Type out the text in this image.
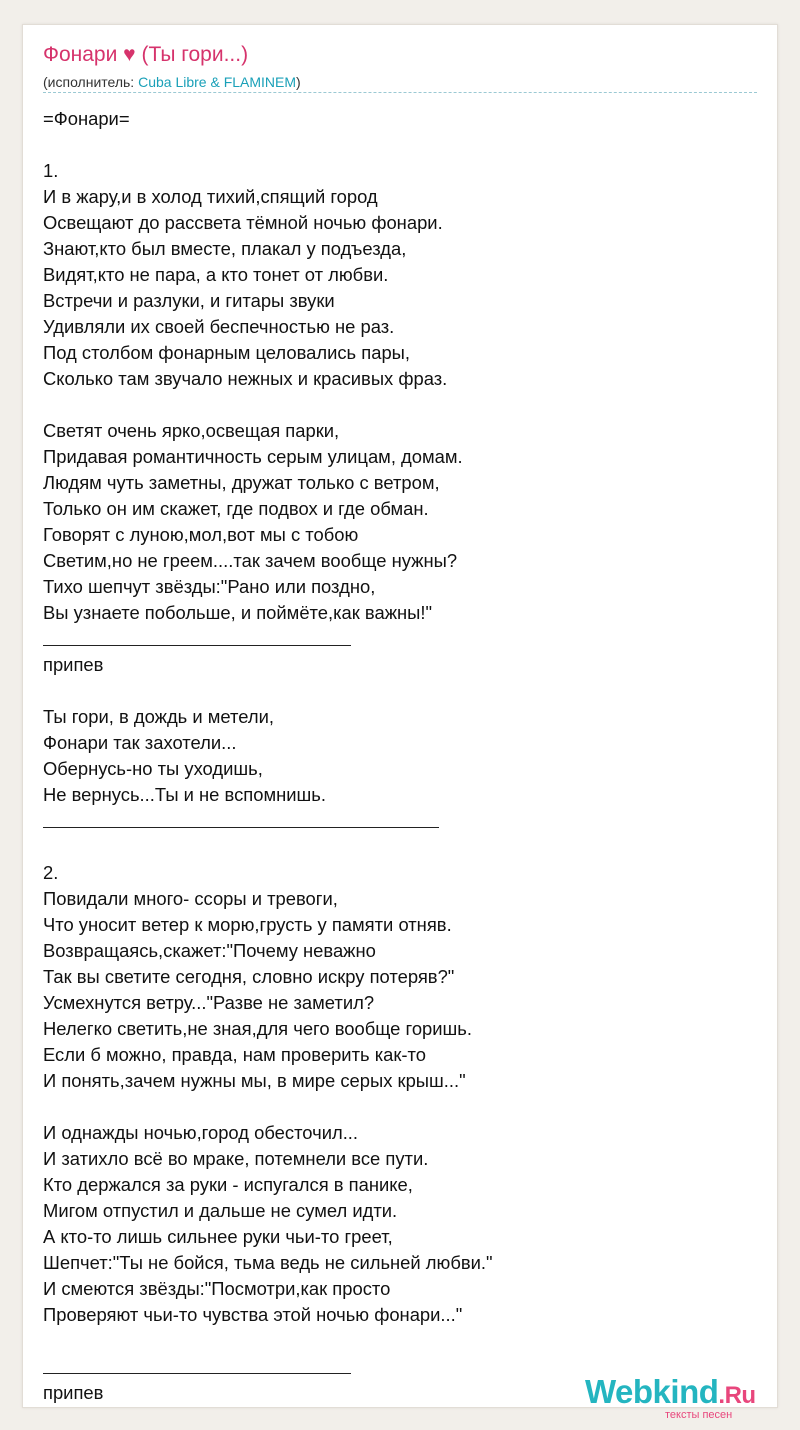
Фонари ♥ (Ты гори...)
(исполнитель: Cuba Libre & FLAMINEM)
=Фонари=
1.
И в жару,и в холод тихий,спящий город
Освещают до рассвета тёмной ночью фонари.
Знают,кто был вместе, плакал у подъезда,
Видят,кто не пара, а кто тонет от любви.
Встречи и разлуки, и гитары звуки
Удивляли их своей беспечностью не раз.
Под столбом фонарным целовались пары,
Сколько там звучало нежных и красивых фраз.
Светят очень ярко,освещая парки,
Придавая романтичность серым улицам, домам.
Людям чуть заметны, дружат только с ветром,
Только он им скажет, где подвох и где обман.
Говорят с луною,мол,вот мы с тобою
Светим,но не греем....так зачем вообще нужны?
Тихо шепчут звёзды:"Рано или поздно,
Вы узнаете побольше, и поймёте,как важны!"
припев
Ты гори, в дождь и метели,
Фонари так захотели...
Обернусь-но ты уходишь,
Не вернусь...Ты и не вспомнишь.
2.
Повидали много- ссоры и тревоги,
Что уносит ветер к морю,грусть у памяти отняв.
Возвращаясь,скажет:"Почему неважно
Так вы светите сегодня, словно искру потеряв?"
Усмехнутся ветру..."Разве не заметил?
Нелегко светить,не зная,для чего вообще горишь.
Если б можно, правда, нам проверить как-то
И понять,зачем нужны мы, в мире серых крыш..."
И однажды ночью,город обесточил...
И затихло всё во мраке, потемнели все пути.
Кто держался за руки - испугался в панике,
Мигом отпустил и дальше не сумел идти.
А кто-то лишь сильнее руки чьи-то греет,
Шепчет:"Ты не бойся, тьма ведь не сильней любви."
И смеются звёзды:"Посмотри,как просто
Проверяют чьи-то чувства этой ночью фонари..."
припев	Webkind.Ru
тексты песен
